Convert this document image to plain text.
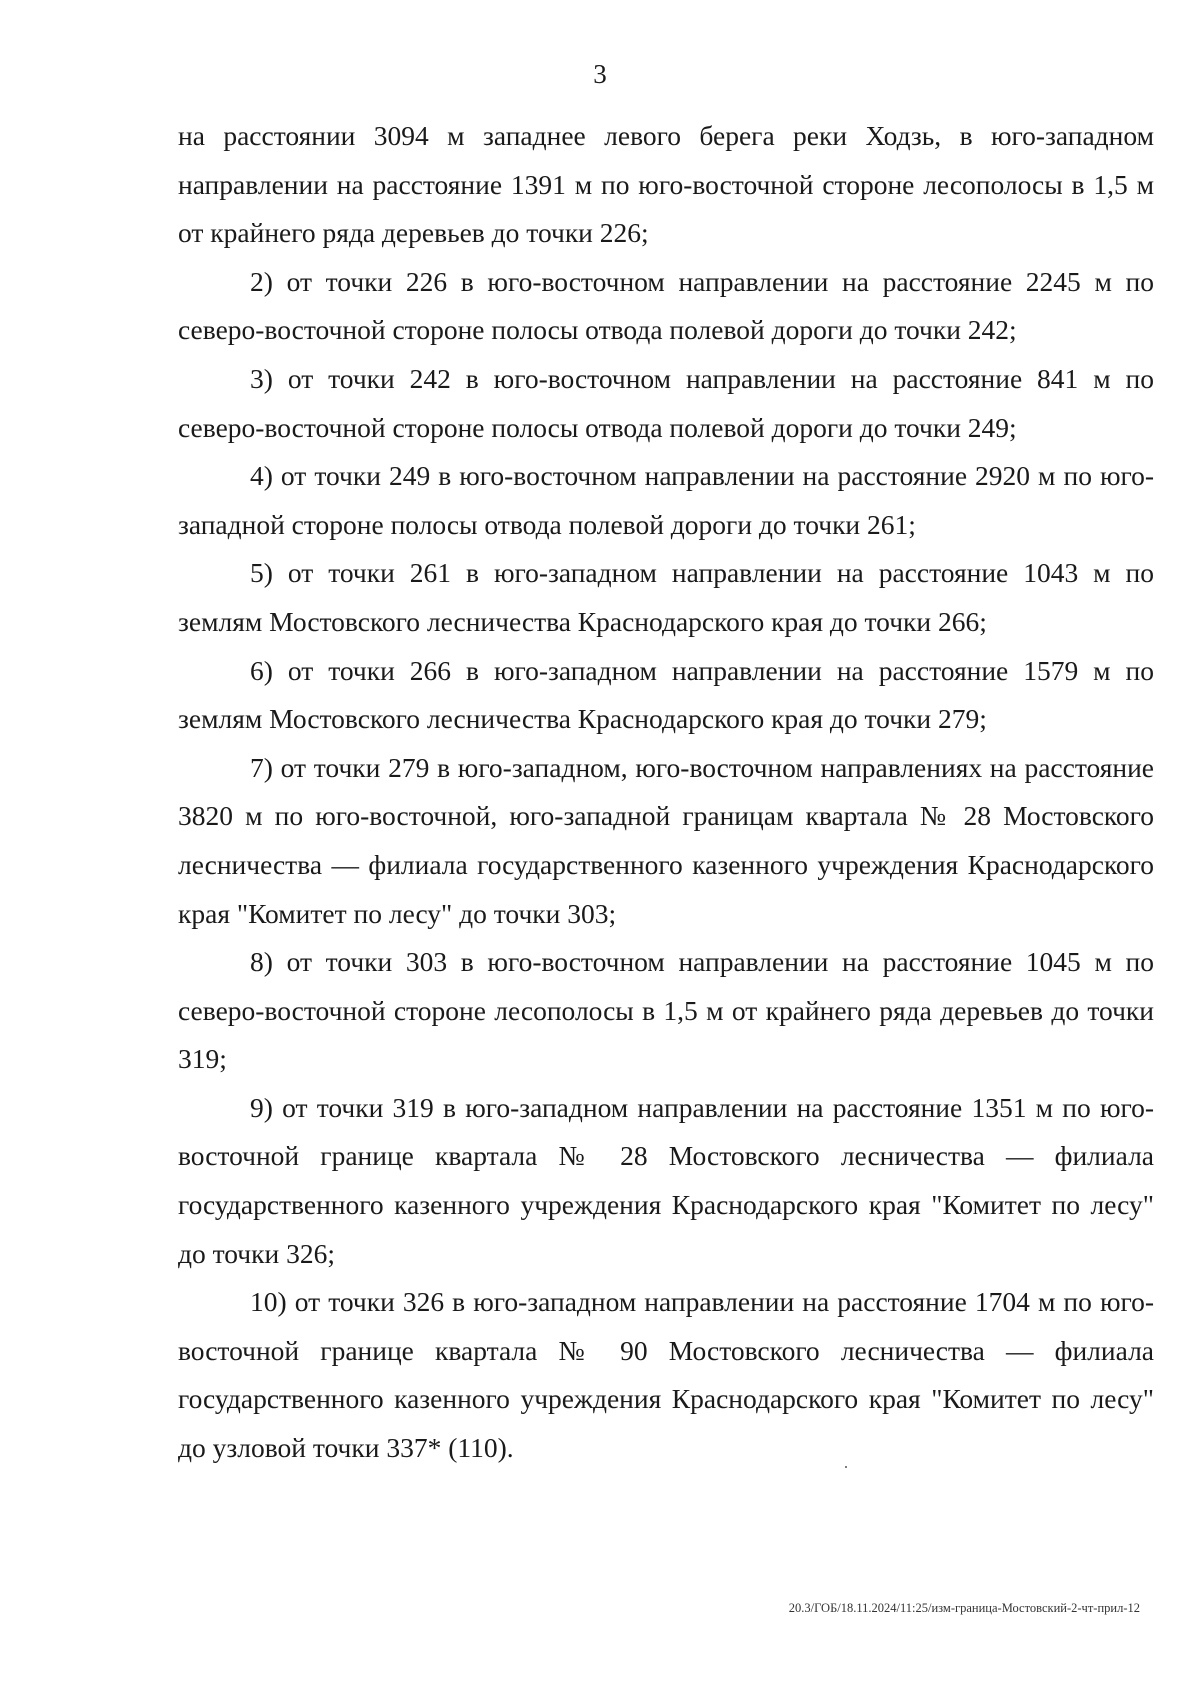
3

на расстоянии 3094 м западнее левого берега реки Ходзь, в юго-западном направлении на расстояние 1391 м по юго-восточной стороне лесополосы в 1,5 м от крайнего ряда деревьев до точки 226;

2) от точки 226 в юго-восточном направлении на расстояние 2245 м по северо-восточной стороне полосы отвода полевой дороги до точки 242;

3) от точки 242 в юго-восточном направлении на расстояние 841 м по северо-восточной стороне полосы отвода полевой дороги до точки 249;

4) от точки 249 в юго-восточном направлении на расстояние 2920 м по юго-западной стороне полосы отвода полевой дороги до точки 261;

5) от точки 261 в юго-западном направлении на расстояние 1043 м по землям Мостовского лесничества Краснодарского края до точки 266;

6) от точки 266 в юго-западном направлении на расстояние 1579 м по землям Мостовского лесничества Краснодарского края до точки 279;

7) от точки 279 в юго-западном, юго-восточном направлениях на расстояние 3820 м по юго-восточной, юго-западной границам квартала № 28 Мостовского лесничества — филиала государственного казенного учреждения Краснодарского края "Комитет по лесу" до точки 303;

8) от точки 303 в юго-восточном направлении на расстояние 1045 м по северо-восточной стороне лесополосы в 1,5 м от крайнего ряда деревьев до точки 319;

9) от точки 319 в юго-западном направлении на расстояние 1351 м по юго-восточной границе квартала № 28 Мостовского лесничества — филиала государственного казенного учреждения Краснодарского края "Комитет по лесу" до точки 326;

10) от точки 326 в юго-западном направлении на расстояние 1704 м по юго-восточной границе квартала № 90 Мостовского лесничества — филиала государственного казенного учреждения Краснодарского края "Комитет по лесу" до узловой точки 337* (110).

20.3/ГОБ/18.11.2024/11:25/изм-граница-Мостовский-2-чт-прил-12
